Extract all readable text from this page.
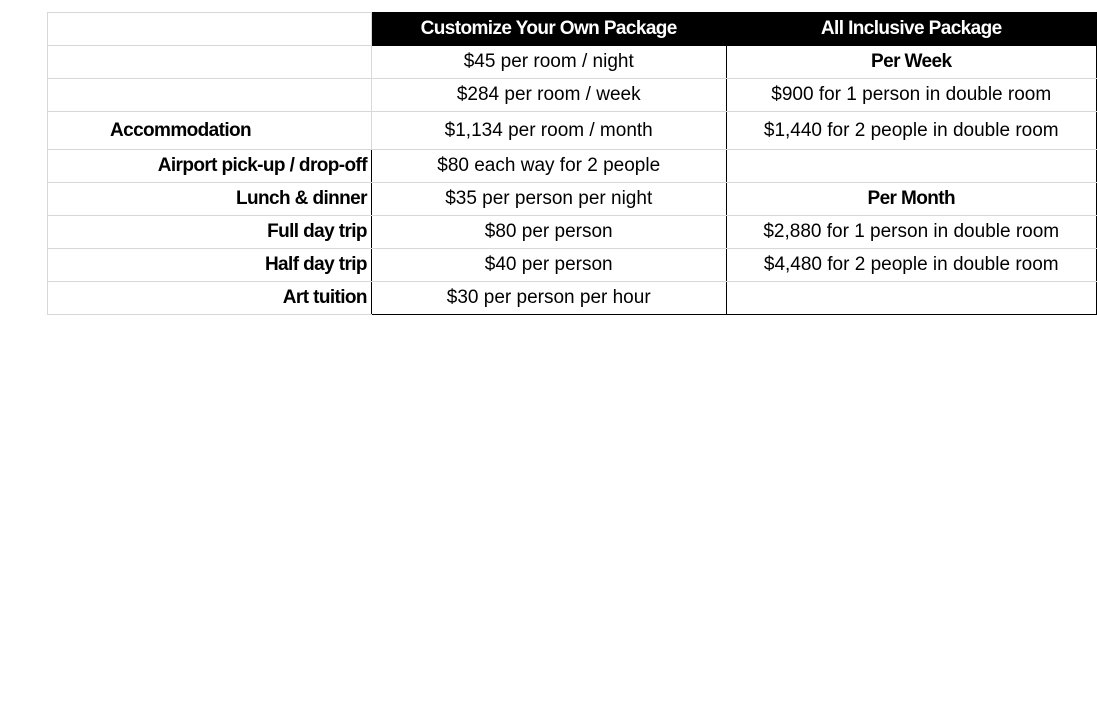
	Customize Your Own Package	All Inclusive Package
	$45 per room / night	Per Week
	$284 per room / week	$900 for 1 person in double room
Accommodation	$1,134 per room / month	$1,440 for 2 people in double room
Airport pick-up / drop-off	$80 each way for 2 people	
Lunch & dinner	$35 per person per night	Per Month
Full day trip	$80 per person	$2,880 for 1 person in double room
Half day trip	$40 per person	$4,480 for 2 people in double room
Art tuition	$30 per person per hour	
